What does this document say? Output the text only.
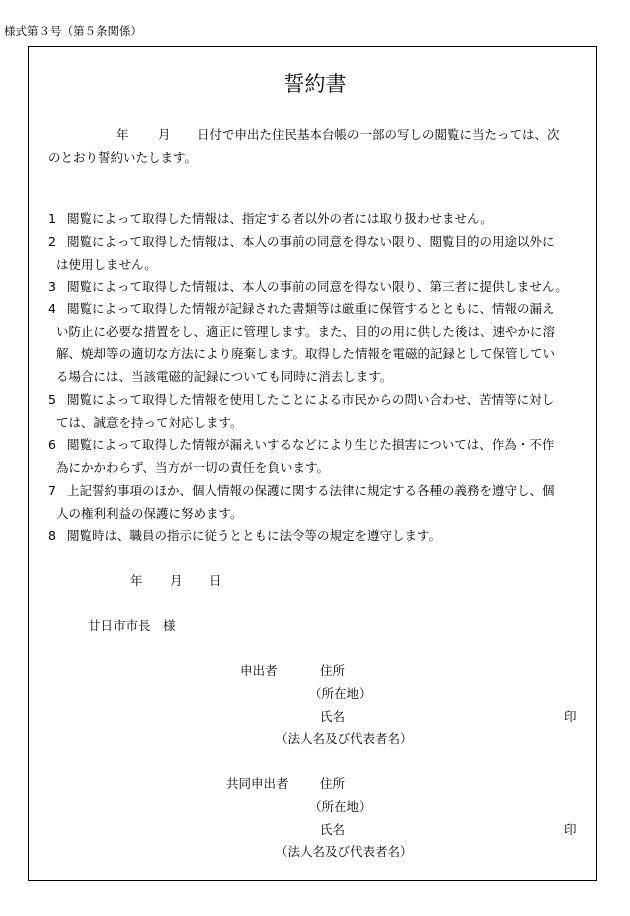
様式第３号（第５条関係）
誓約書
年 月 日付で申出た住民基本台帳の一部の写しの閲覧に当たっては、次
のとおり誓約いたします。
1 閲覧によって取得した情報は、指定する者以外の者には取り扱わせません。
2 閲覧によって取得した情報は、本人の事前の同意を得ない限り、閲覧目的の用途以外に
は使用しません。
3 閲覧によって取得した情報は、本人の事前の同意を得ない限り、第三者に提供しません。
4 閲覧によって取得した情報が記録された書類等は厳重に保管するとともに、情報の漏え
い防止に必要な措置をし、適正に管理します。また、目的の用に供した後は、速やかに溶
解、焼却等の適切な方法により廃棄します。取得した情報を電磁的記録として保管してい
る場合には、当該電磁的記録についても同時に消去します。
5 閲覧によって取得した情報を使用したことによる市民からの問い合わせ、苦情等に対し
ては、誠意を持って対応します。
6 閲覧によって取得した情報が漏えいするなどにより生じた損害については、作為・不作
為にかかわらず、当方が一切の責任を負います。
7 上記誓約事項のほか、個人情報の保護に関する法律に規定する各種の義務を遵守し、個
人の権利利益の保護に努めます。
8 閲覧時は、職員の指示に従うとともに法令等の規定を遵守します。
年 月 日
廿日市市長　様
申出者	住所
（所在地）
氏名	印
（法人名及び代表者名）
共同申出者	住所
（所在地）
氏名	印
（法人名及び代表者名）
